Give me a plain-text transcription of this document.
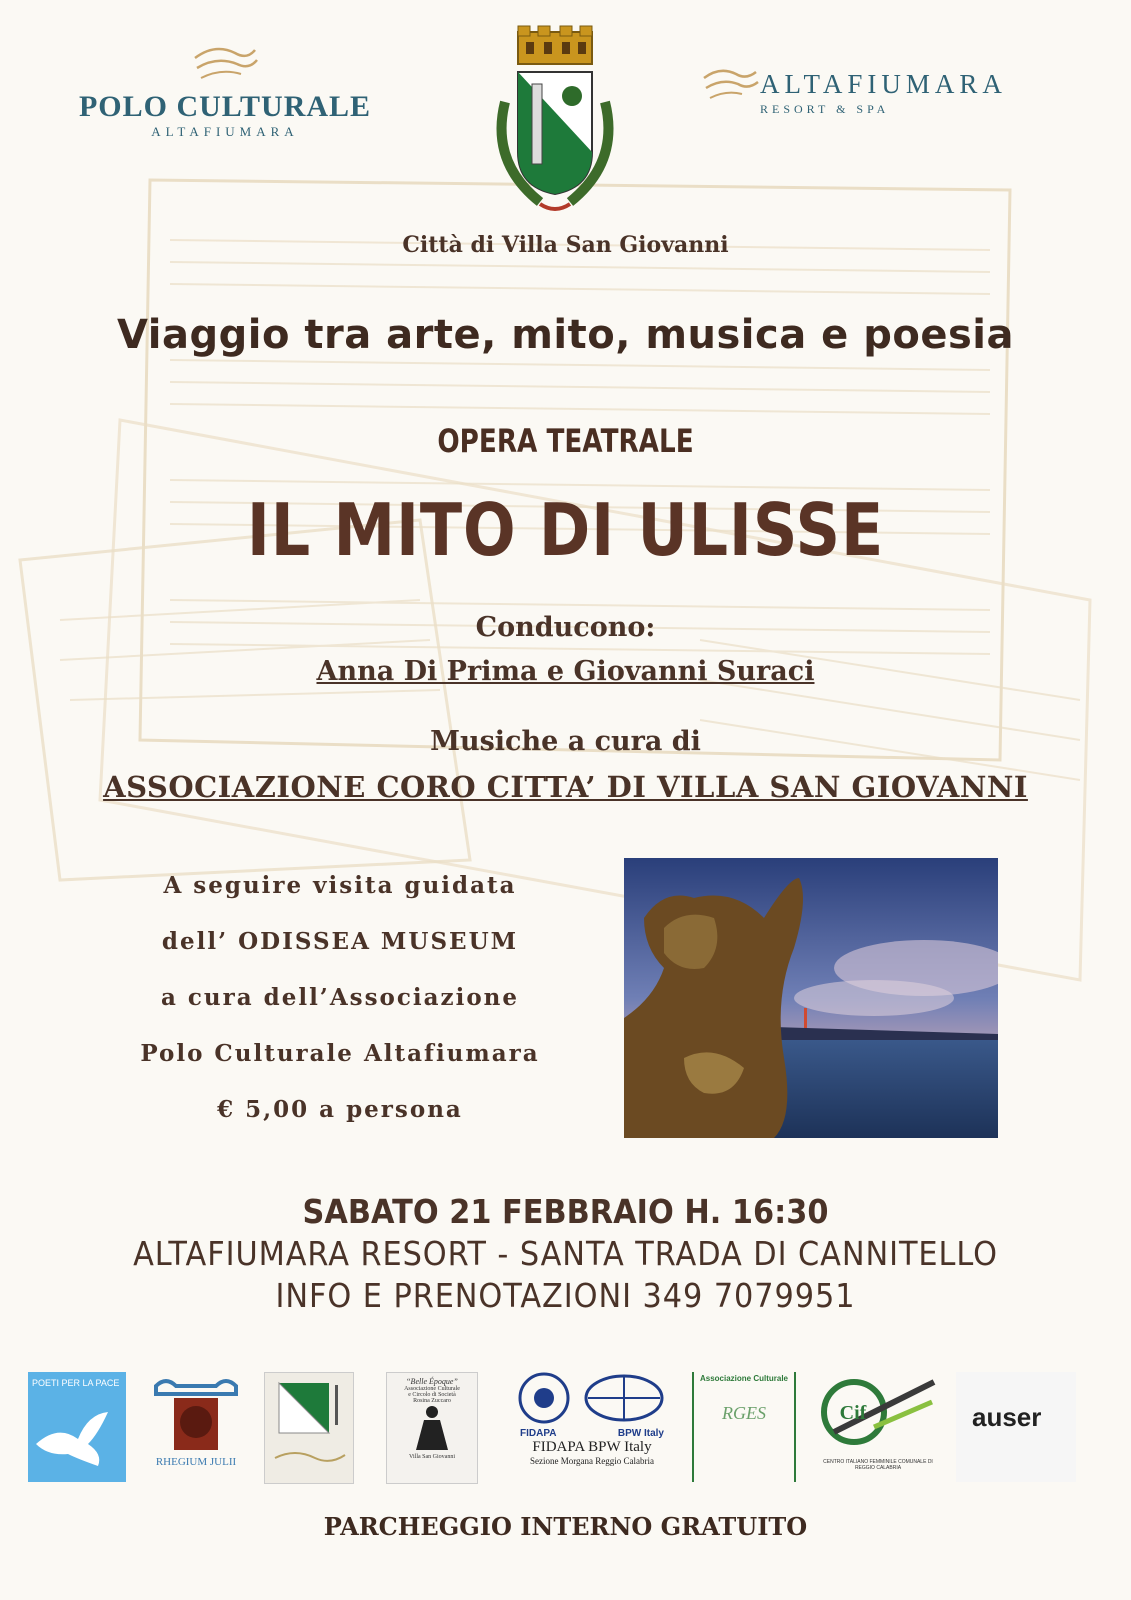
POLO CULTURALE
ALTAFIUMARA
ALTAFIUMARA
RESORT & SPA
Città di Villa San Giovanni
Viaggio tra arte, mito, musica e poesia
OPERA TEATRALE
IL MITO DI ULISSE
Conducono:
Anna Di Prima e Giovanni Suraci
Musiche a cura di
ASSOCIAZIONE CORO CITTA’ DI VILLA SAN GIOVANNI
A seguire visita guidata
dell’ ODISSEA MUSEUM
a cura dell’Associazione
Polo Culturale Altafiumara
€ 5,00 a persona
SABATO 21 FEBBRAIO H. 16:30
ALTAFIUMARA RESORT - SANTA TRADA DI CANNITELLO
INFO E PRENOTAZIONI 349 7079951
POETI PER LA PACE
RHEGIUM JULII
“Belle Époque”
Associazione Culturale
e Circolo di Società
Rosina Zuccaro
Villa San Giovanni
FIDAPA	BPW Italy
FIDAPA BPW Italy
Sezione Morgana Reggio Calabria
Associazione Culturale
RGES	Cif
CENTRO ITALIANO FEMMINILE COMUNALE DI REGGIO CALABRIA
auser
PARCHEGGIO INTERNO GRATUITO
